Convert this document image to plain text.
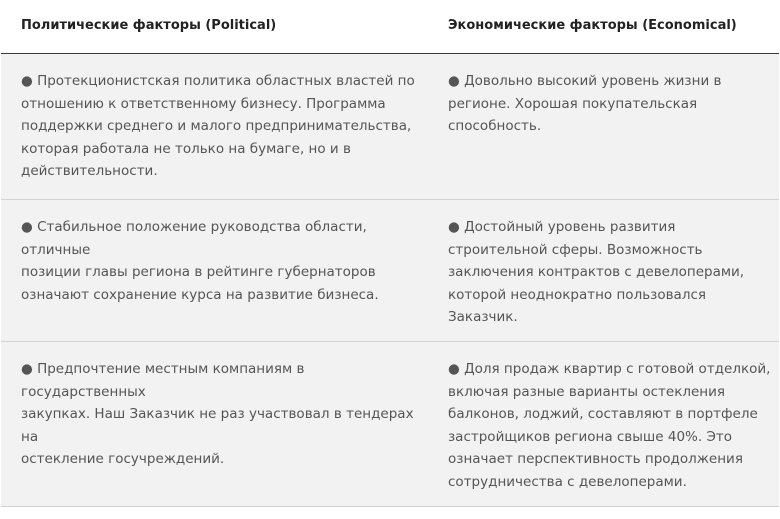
Политические факторы (Political)	Экономические факторы (Economical)
● Протекционистская политика областных властей по
отношению к ответственному бизнесу. Программа
поддержки среднего и малого предпринимательства,
которая работала не только на бумаге, но и в
действительности.
● Довольно высокий уровень жизни в
регионе. Хорошая покупательская
способность.
● Стабильное положение руководства области, отличные
позиции главы региона в рейтинге губернаторов
означают сохранение курса на развитие бизнеса.
● Достойный уровень развития
строительной сферы. Возможность
заключения контрактов с девелоперами,
которой неоднократно пользовался
Заказчик.
● Предпочтение местным компаниям в государственных
закупках. Наш Заказчик не раз участвовал в тендерах на
остекление госучреждений.
● Доля продаж квартир с готовой отделкой,
включая разные варианты остекления
балконов, лоджий, составляют в портфеле
застройщиков региона свыше 40%. Это
означает перспективность продолжения
сотрудничества с девелоперами.
